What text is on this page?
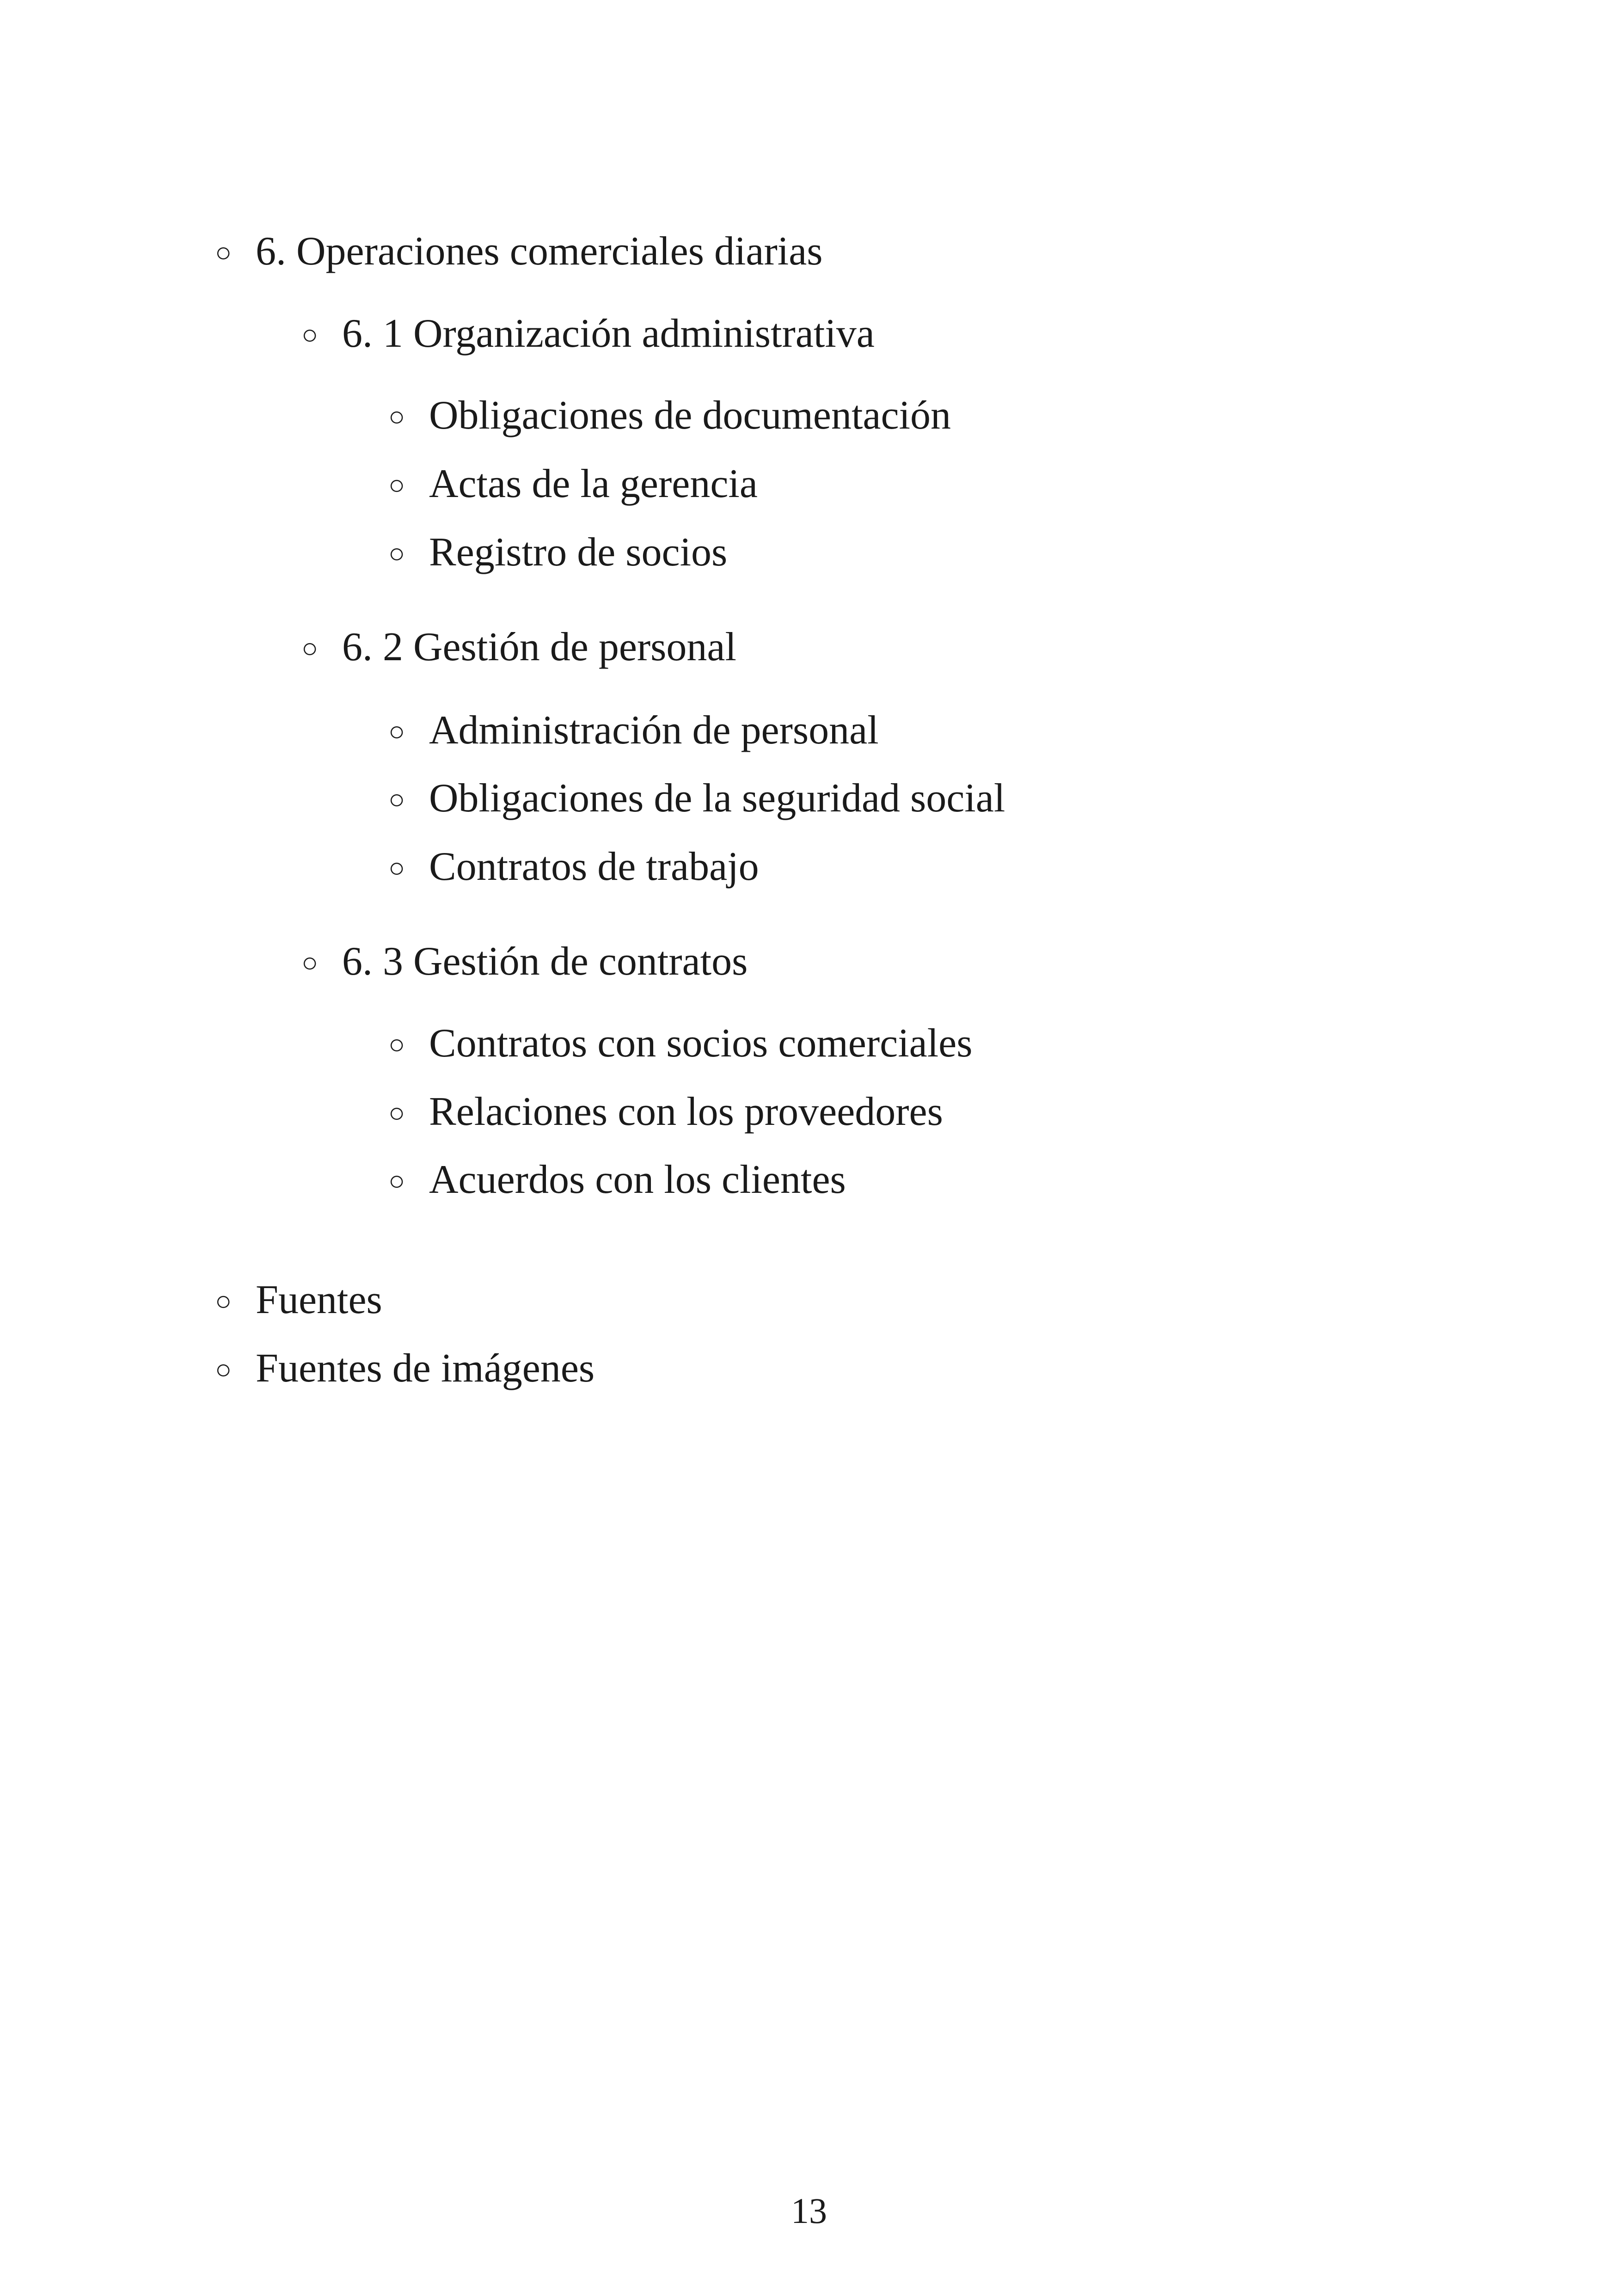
○ 6. Operaciones comerciales diarias
○ 6. 1 Organización administrativa
○ Obligaciones de documentación
○ Actas de la gerencia
○ Registro de socios
○ 6. 2 Gestión de personal
○ Administración de personal
○ Obligaciones de la seguridad social
○ Contratos de trabajo
○ 6. 3 Gestión de contratos
○ Contratos con socios comerciales
○ Relaciones con los proveedores
○ Acuerdos con los clientes
○ Fuentes
○ Fuentes de imágenes
13
